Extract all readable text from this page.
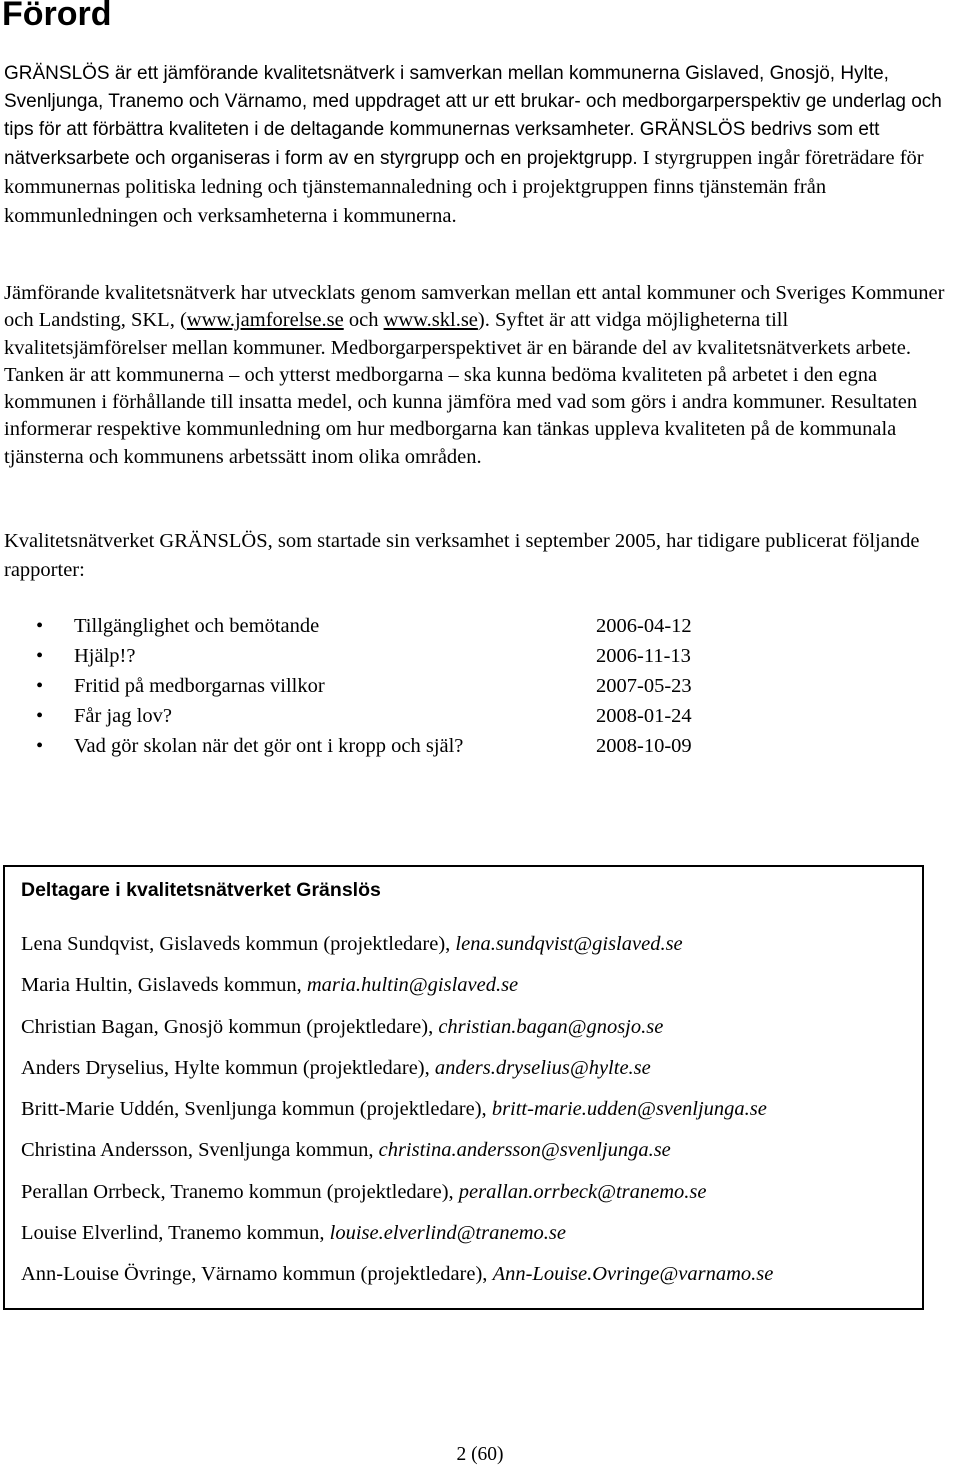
Förord

GRÄNSLÖS är ett jämförande kvalitetsnätverk i samverkan mellan kommunerna Gislaved, Gnosjö, Hylte, Svenljunga, Tranemo och Värnamo, med uppdraget att ur ett brukar- och medborgarperspektiv ge underlag och tips för att förbättra kvaliteten i de deltagande kommunernas verksamheter. GRÄNSLÖS bedrivs som ett nätverksarbete och organiseras i form av en styrgrupp och en projektgrupp. I styrgruppen ingår företrädare för kommunernas politiska ledning och tjänstemannaledning och i projektgruppen finns tjänstemän från kommunledningen och verksamheterna i kommunerna.

Jämförande kvalitetsnätverk har utvecklats genom samverkan mellan ett antal kommuner och Sveriges Kommuner och Landsting, SKL, (www.jamforelse.se och www.skl.se). Syftet är att vidga möjligheterna till kvalitetsjämförelser mellan kommuner. Medborgarperspektivet är en bärande del av kvalitetsnätverkets arbete. Tanken är att kommunerna – och ytterst medborgarna – ska kunna bedöma kvaliteten på arbetet i den egna kommunen i förhållande till insatta medel, och kunna jämföra med vad som görs i andra kommuner. Resultaten informerar respektive kommunledning om hur medborgarna kan tänkas uppleva kvaliteten på de kommunala tjänsterna och kommunens arbetssätt inom olika områden.

Kvalitetsnätverket GRÄNSLÖS, som startade sin verksamhet i september 2005, har tidigare publicerat följande rapporter:

• Tillgänglighet och bemötande	2006-04-12
• Hjälp!?	2006-11-13
• Fritid på medborgarnas villkor	2007-05-23
• Får jag lov?	2008-01-24
• Vad gör skolan när det gör ont i kropp och själ?	2008-10-09
Deltagare i kvalitetsnätverket Gränslös
Lena Sundqvist, Gislaveds kommun (projektledare), lena.sundqvist@gislaved.se
Maria Hultin, Gislaveds kommun, maria.hultin@gislaved.se
Christian Bagan, Gnosjö kommun (projektledare), christian.bagan@gnosjo.se
Anders Dryselius, Hylte kommun (projektledare), anders.dryselius@hylte.se
Britt-Marie Uddén, Svenljunga kommun (projektledare), britt-marie.udden@svenljunga.se
Christina Andersson, Svenljunga kommun, christina.andersson@svenljunga.se
Perallan Orrbeck, Tranemo kommun (projektledare), perallan.orrbeck@tranemo.se
Louise Elverlind, Tranemo kommun, louise.elverlind@tranemo.se
Ann-Louise Övringe, Värnamo kommun (projektledare), Ann-Louise.Ovringe@varnamo.se

2 (60)
